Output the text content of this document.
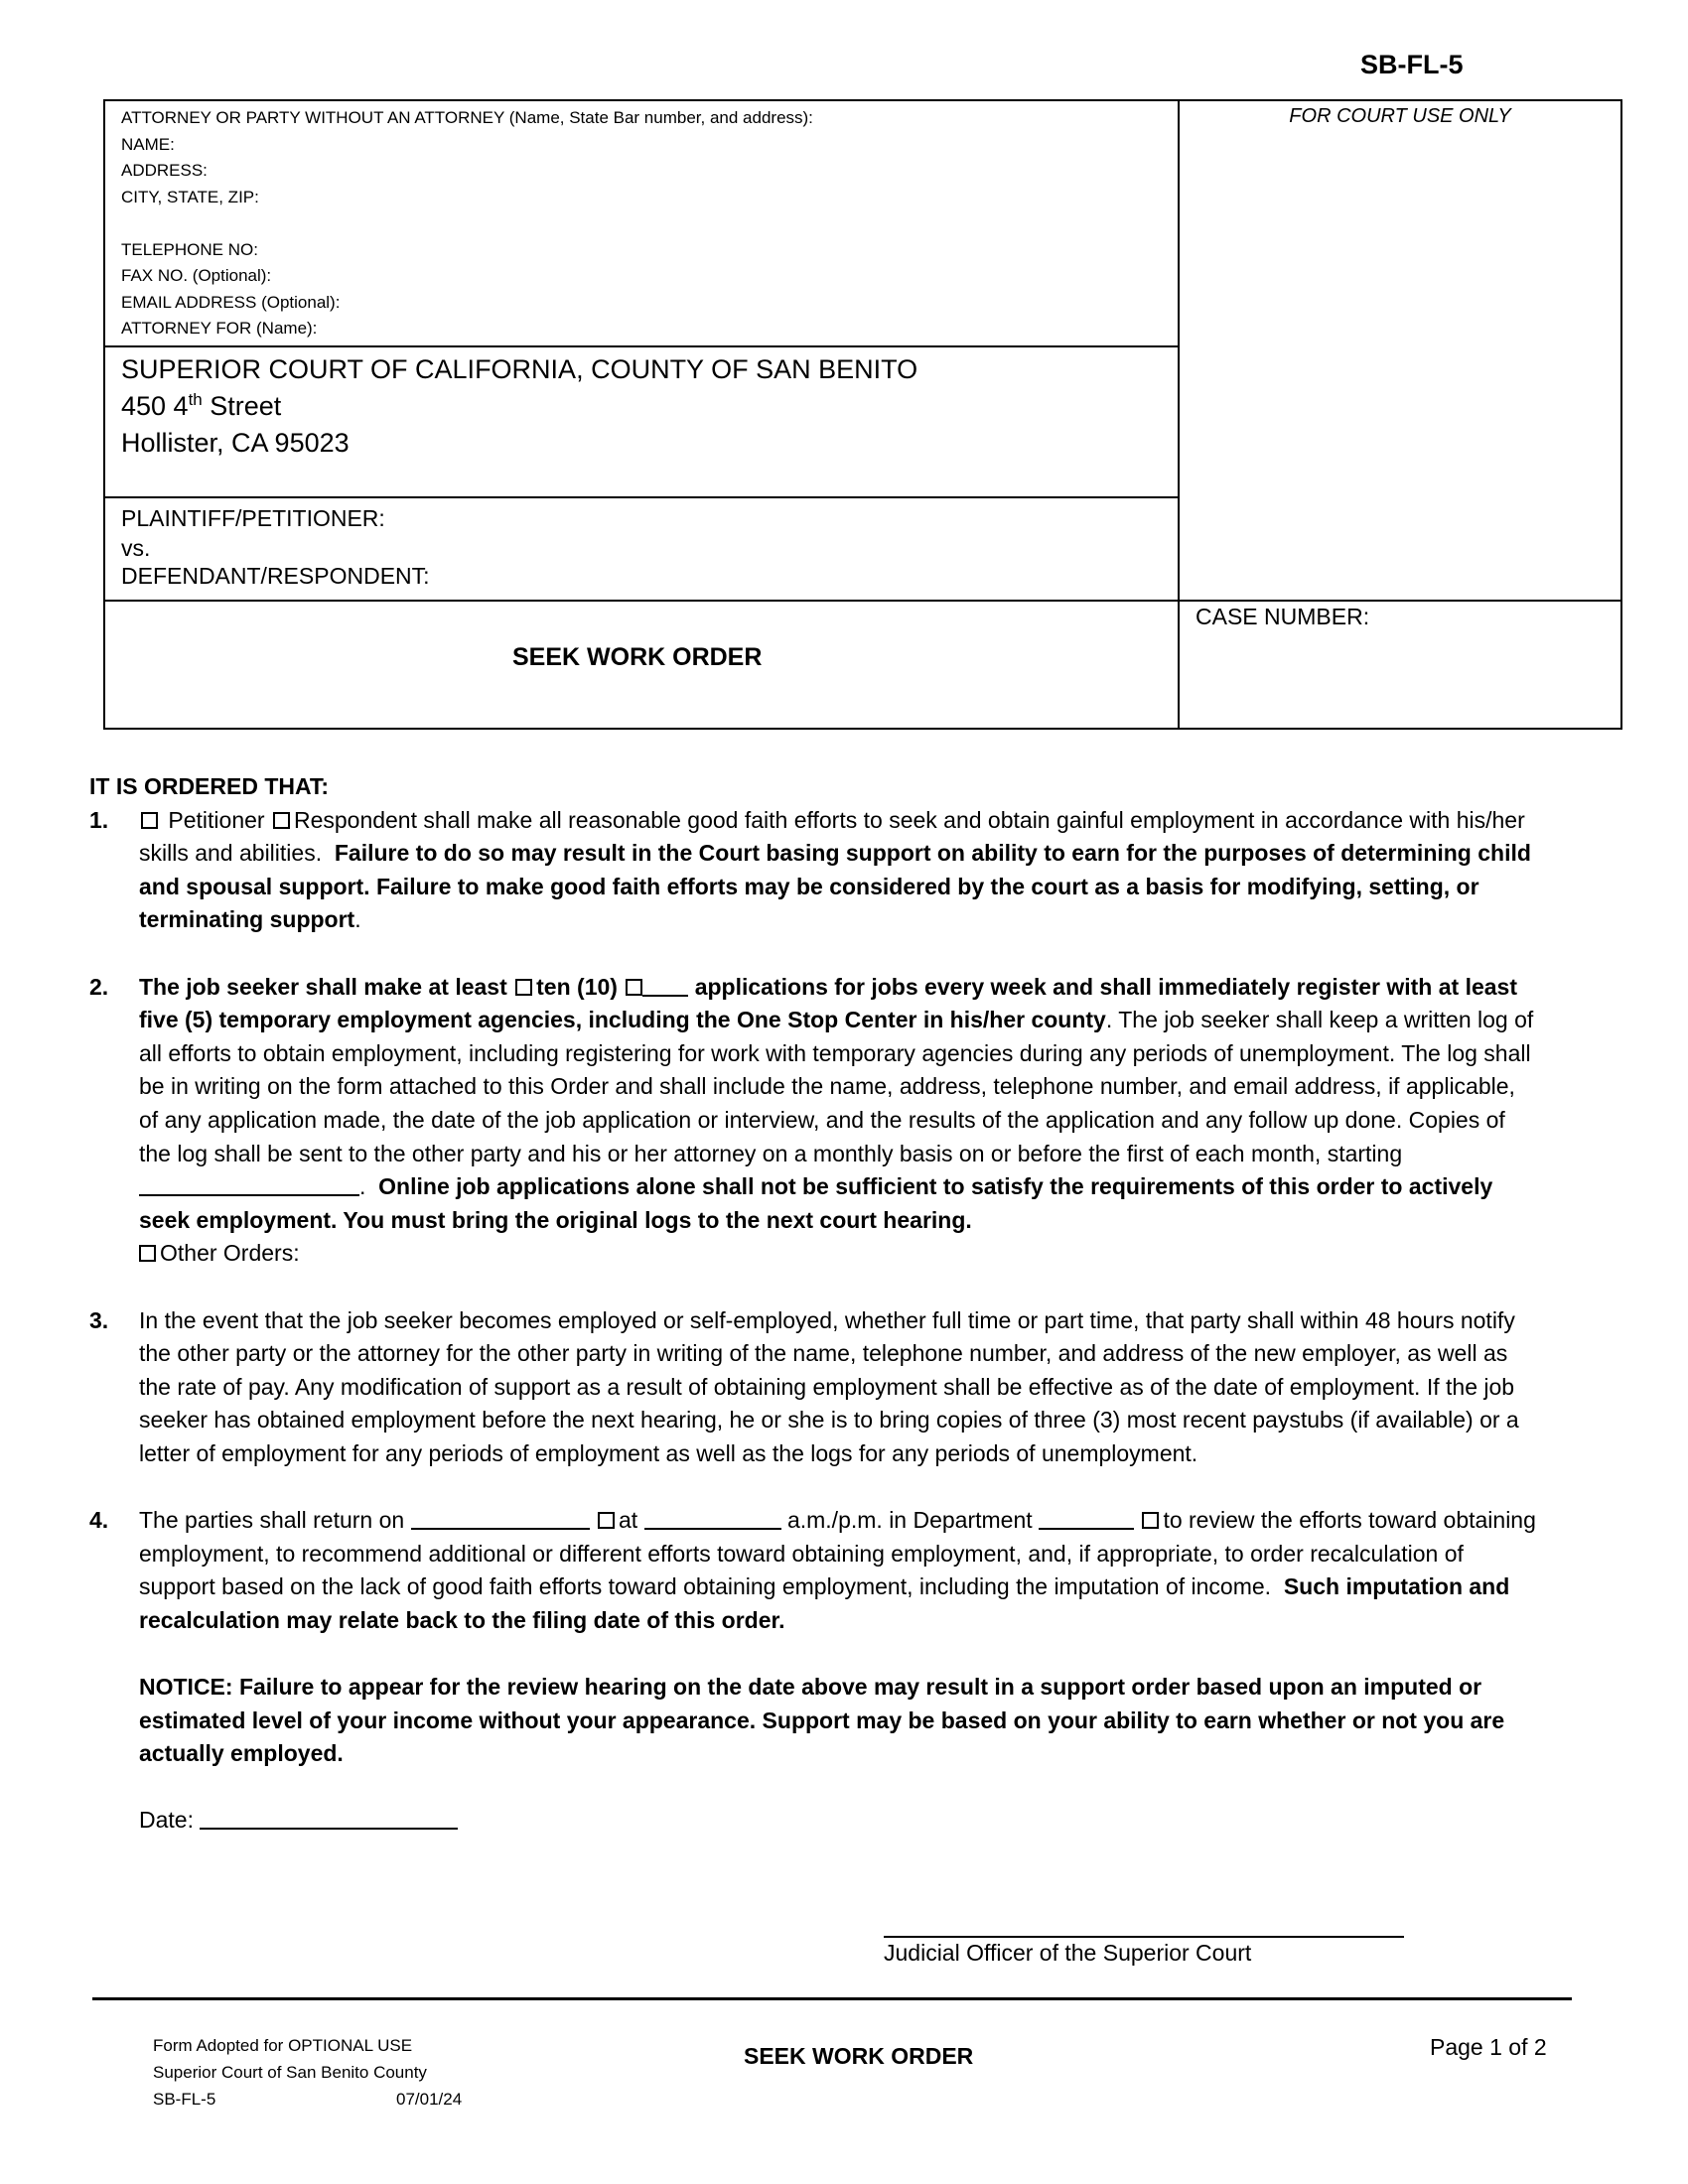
SB-FL-5
ATTORNEY OR PARTY WITHOUT AN ATTORNEY (Name, State Bar number, and address):
NAME:
ADDRESS:
CITY, STATE, ZIP:
TELEPHONE NO:
FAX NO. (Optional):
EMAIL ADDRESS (Optional):
ATTORNEY FOR (Name):
SUPERIOR COURT OF CALIFORNIA, COUNTY OF SAN BENITO
450 4th Street
Hollister, CA 95023
PLAINTIFF/PETITIONER:
vs.
DEFENDANT/RESPONDENT:
SEEK WORK ORDER
FOR COURT USE ONLY
CASE NUMBER:
IT IS ORDERED THAT:
1.	Petitioner Respondent shall make all reasonable good faith efforts to seek and obtain gainful employment in accordance with his/her skills and abilities. Failure to do so may result in the Court basing support on ability to earn for the purposes of determining child and spousal support. Failure to make good faith efforts may be considered by the court as a basis for modifying, setting, or terminating support.
2. The job seeker shall make at least ten (10)	applications for jobs every week and shall immediately register with at least five (5) temporary employment agencies, including the One Stop Center in his/her county. The job seeker shall keep a written log of all efforts to obtain employment, including registering for work with temporary agencies during any periods of unemployment. The log shall be in writing on the form attached to this Order and shall include the name, address, telephone number, and email address, if applicable, of any application made, the date of the job application or interview, and the results of the application and any follow up done. Copies of the log shall be sent to the other party and his or her attorney on a monthly basis on or before the first of each month, starting . Online job applications alone shall not be sufficient to satisfy the requirements of this order to actively seek employment. You must bring the original logs to the next court hearing.
Other Orders:
3. In the event that the job seeker becomes employed or self-employed, whether full time or part time, that party shall within 48 hours notify the other party or the attorney for the other party in writing of the name, telephone number, and address of the new employer, as well as the rate of pay. Any modification of support as a result of obtaining employment shall be effective as of the date of employment. If the job seeker has obtained employment before the next hearing, he or she is to bring copies of three (3) most recent paystubs (if available) or a letter of employment for any periods of employment as well as the logs for any periods of unemployment.
4. The parties shall return on	at	a.m./p.m. in Department	to review the efforts toward obtaining employment, to recommend additional or different efforts toward obtaining employment, and, if appropriate, to order recalculation of support based on the lack of good faith efforts toward obtaining employment, including the imputation of income. Such imputation and recalculation may relate back to the filing date of this order.
NOTICE: Failure to appear for the review hearing on the date above may result in a support order based upon an imputed or estimated level of your income without your appearance. Support may be based on your ability to earn whether or not you are actually employed.
Date:
Judicial Officer of the Superior Court
Form Adopted for OPTIONAL USE
Superior Court of San Benito County
SB-FL-5	07/01/24
SEEK WORK ORDER	Page 1 of 2
